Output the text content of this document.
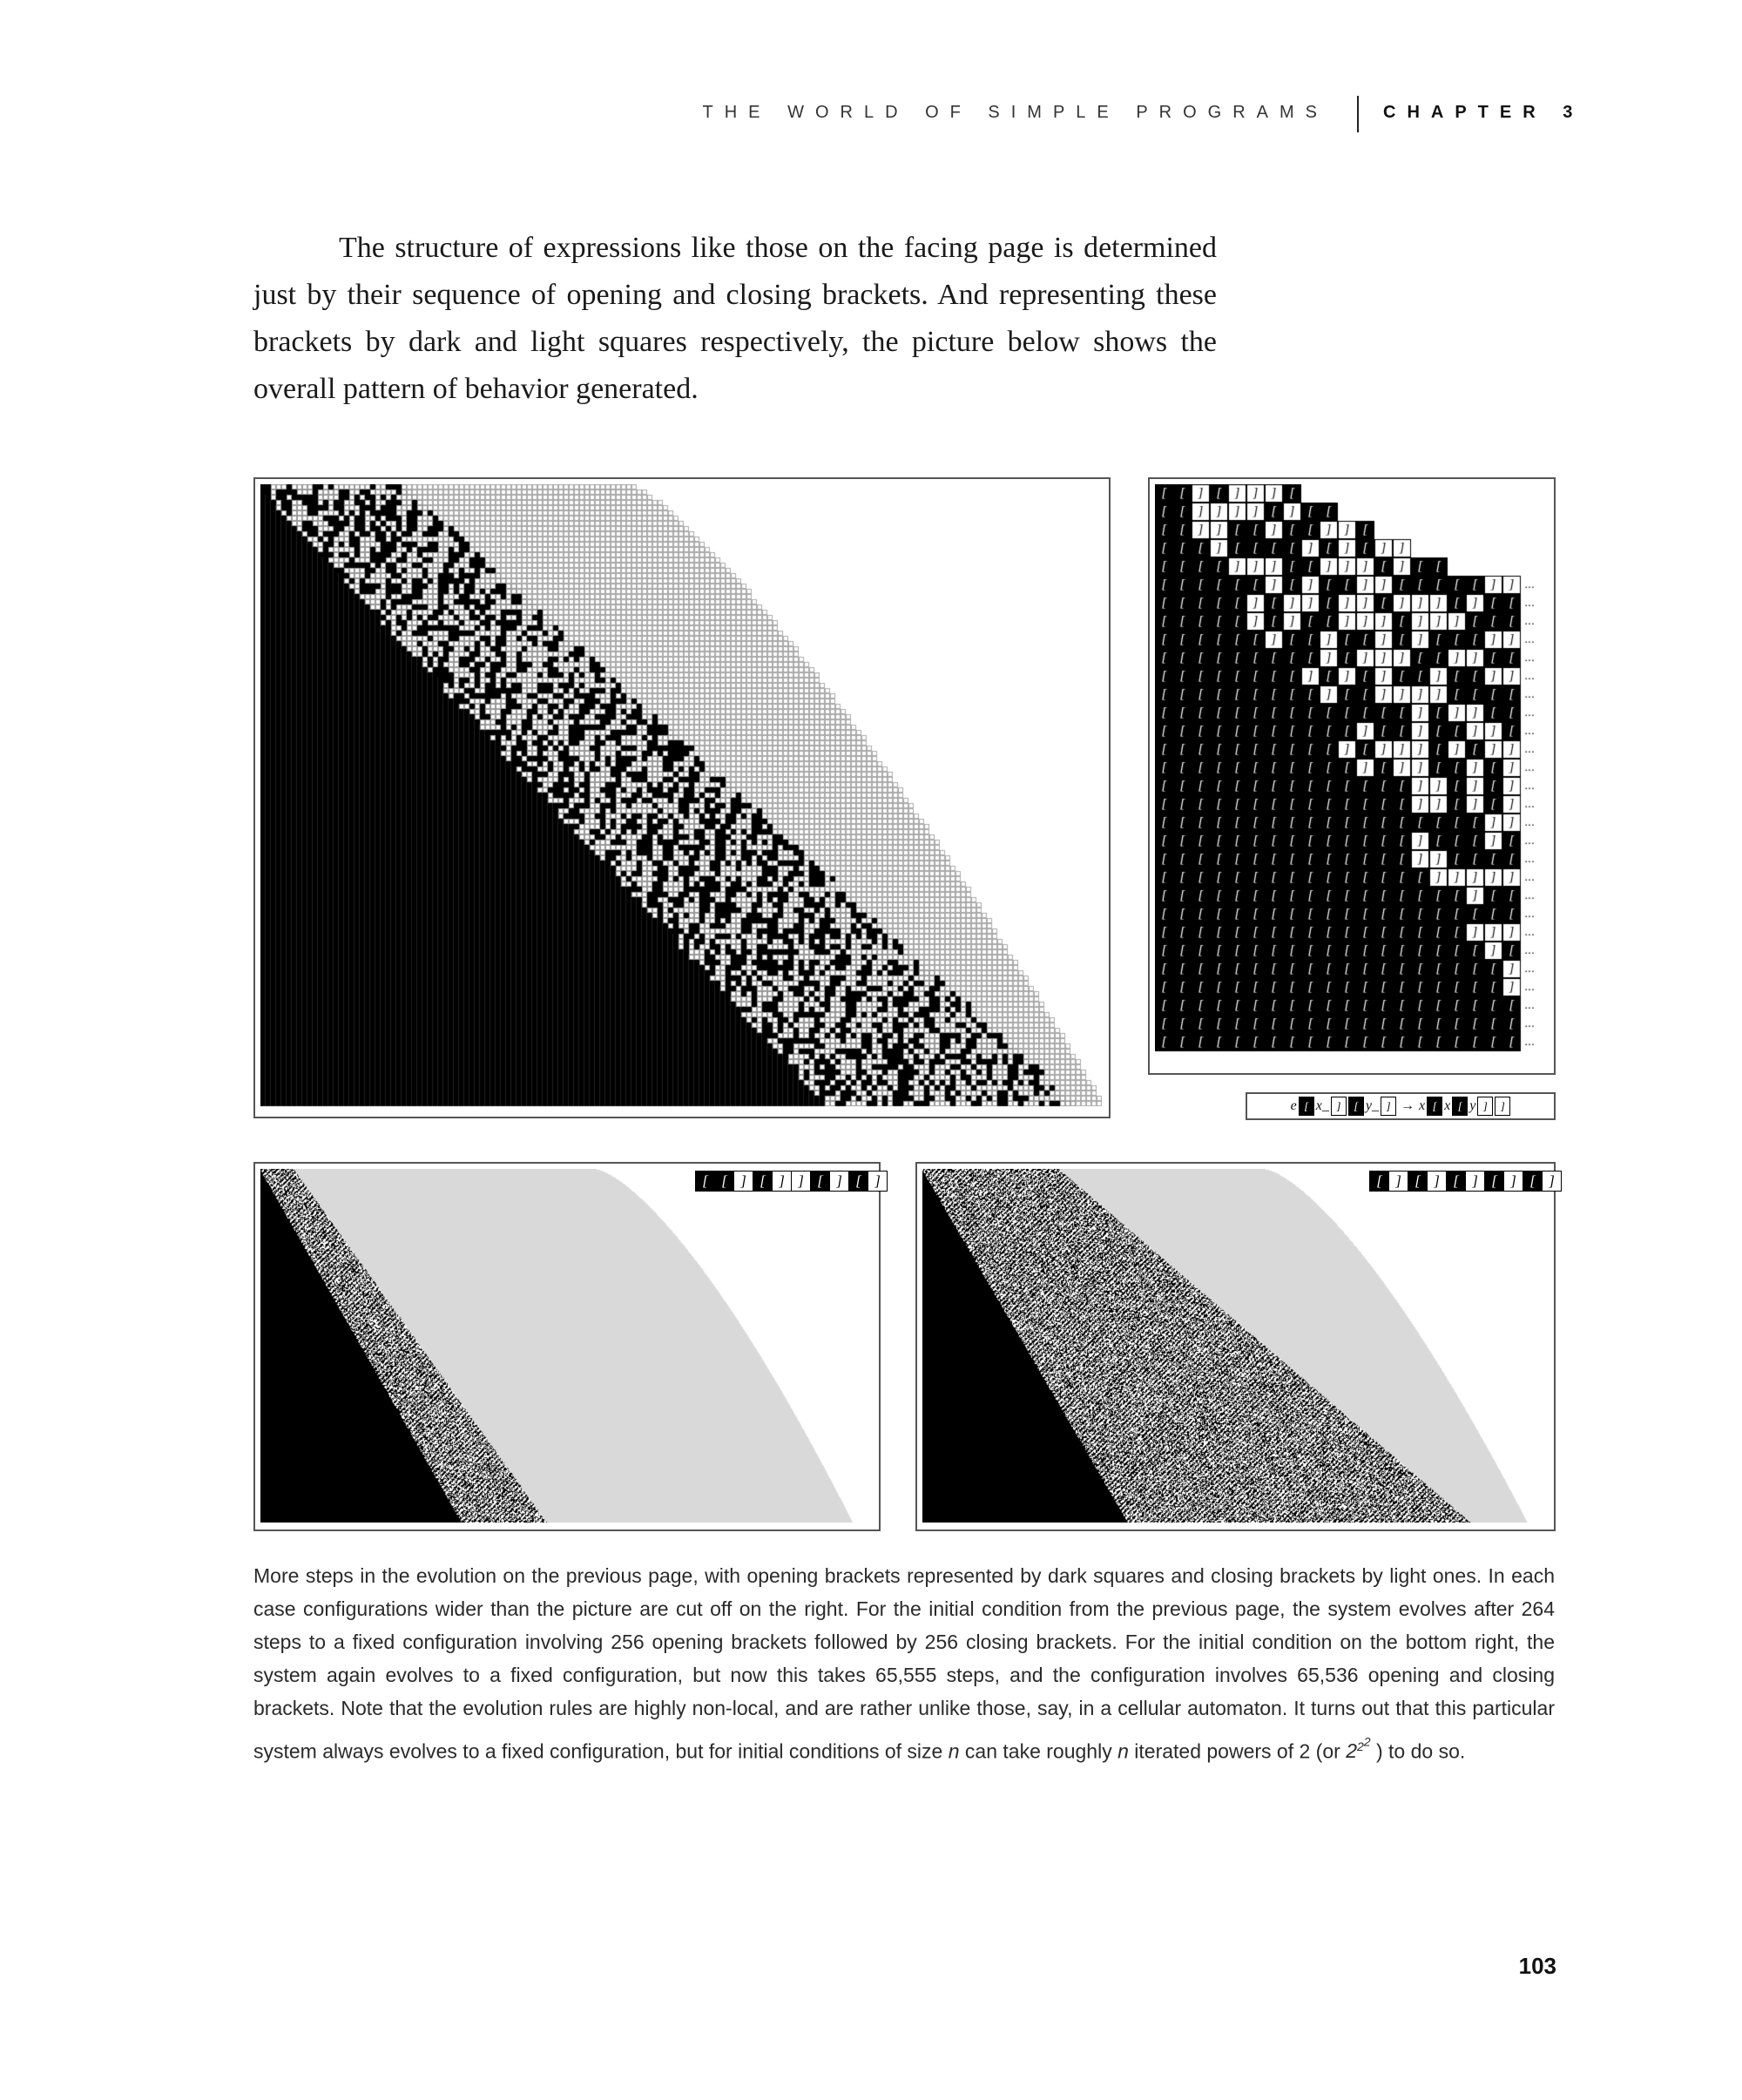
THE WORLD OF SIMPLE PROGRAMS	CHAPTER 3

The structure of expressions like those on the facing page is determined just by their sequence of opening and closing brackets. And representing these brackets by dark and light squares respectively, the picture below shows the overall pattern of behavior generated.

e [ x_ ]	[ y_ ] → x [ x [ y ]	]
[ [ ] [ ] ] [ ] [ ]	[ ] [ ] [ ] [ ] [ ]

More steps in the evolution on the previous page, with opening brackets represented by dark squares and closing brackets by light ones. In each case configurations wider than the picture are cut off on the right. For the initial condition from the previous page, the system evolves after 264 steps to a fixed configuration involving 256 opening brackets followed by 256 closing brackets. For the initial condition on the bottom right, the system again evolves to a fixed configuration, but now this takes 65,555 steps, and the configuration involves 65,536 opening and closing brackets. Note that the evolution rules are highly non-local, and are rather unlike those, say, in a cellular automaton. It turns out that this particular system always evolves to a fixed configuration, but for initial conditions of size n can take roughly n iterated powers of 2 (or $2^{2^2}$ ) to do so.

103
